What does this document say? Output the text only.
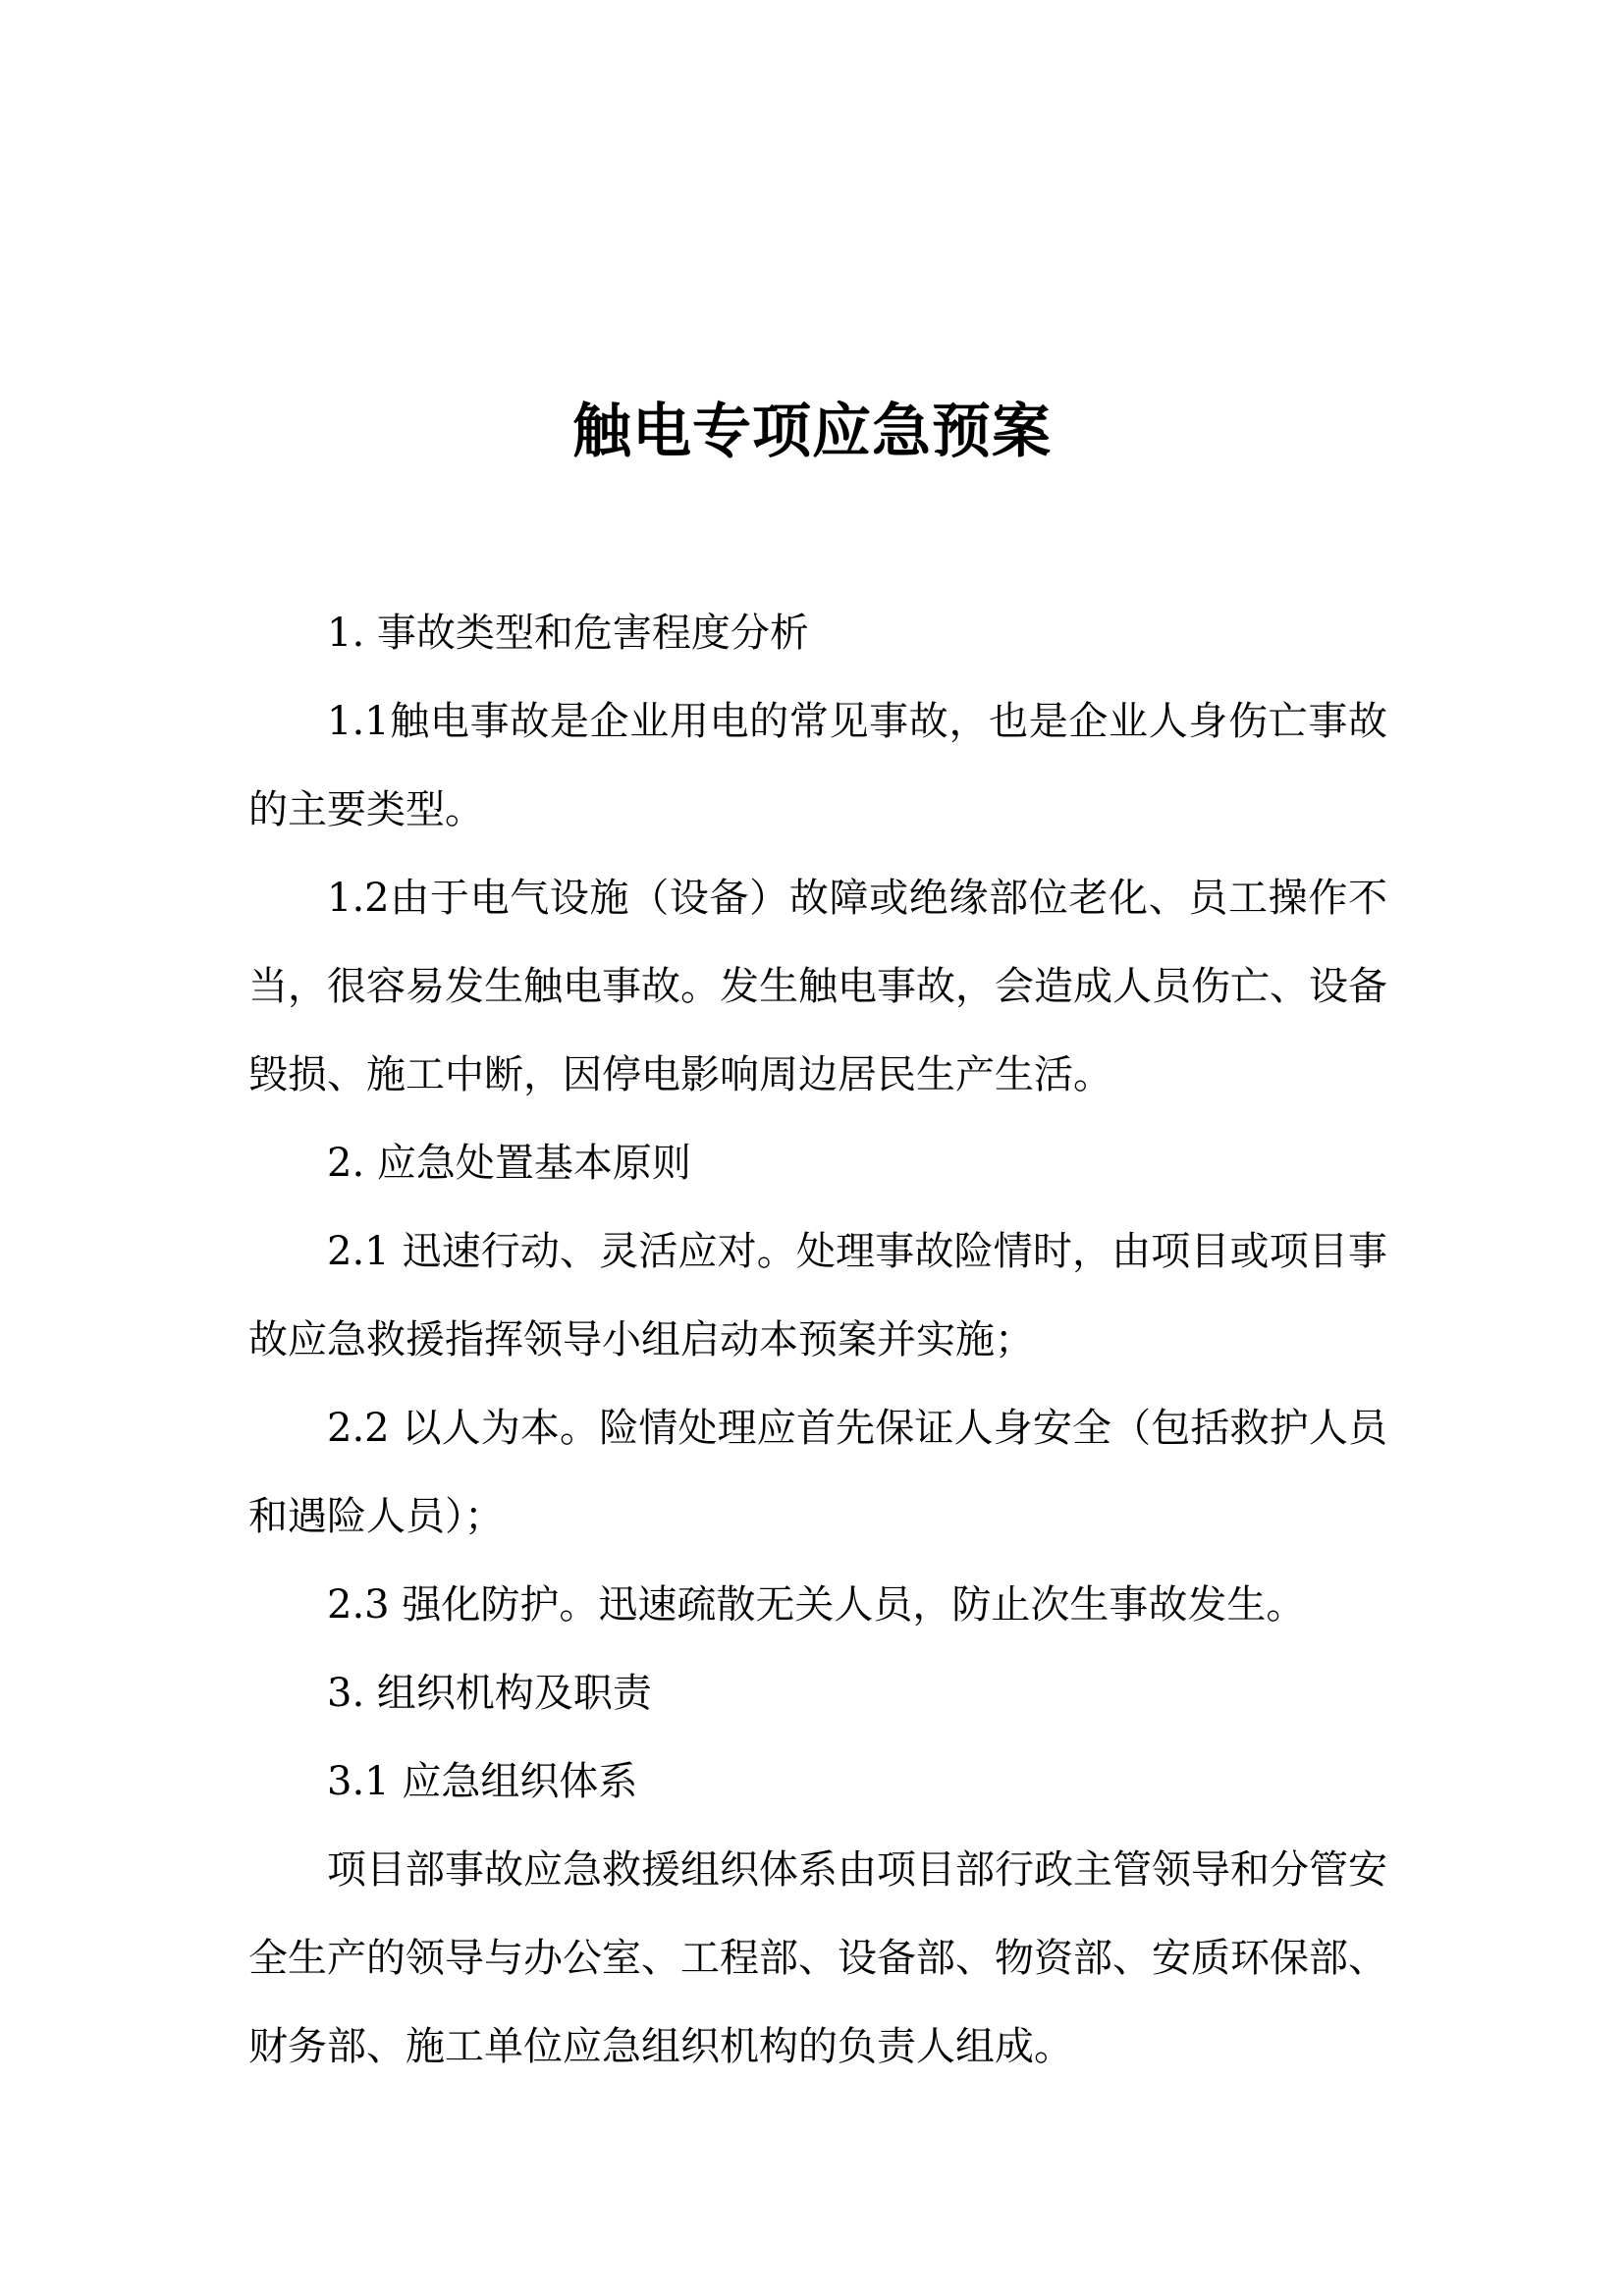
触电专项应急预案

1. 事故类型和危害程度分析

1.1触电事故是企业用电的常见事故，也是企业人身伤亡事故的主要类型。

1.2由于电气设施（设备）故障或绝缘部位老化、员工操作不当，很容易发生触电事故。发生触电事故，会造成人员伤亡、设备毁损、施工中断，因停电影响周边居民生产生活。

2. 应急处置基本原则

2.1 迅速行动、灵活应对。处理事故险情时，由项目或项目事故应急救援指挥领导小组启动本预案并实施；

2.2 以人为本。险情处理应首先保证人身安全（包括救护人员和遇险人员）；

2.3 强化防护。迅速疏散无关人员，防止次生事故发生。

3. 组织机构及职责

3.1 应急组织体系

项目部事故应急救援组织体系由项目部行政主管领导和分管安全生产的领导与办公室、工程部、设备部、物资部、安质环保部、财务部、施工单位应急组织机构的负责人组成。
